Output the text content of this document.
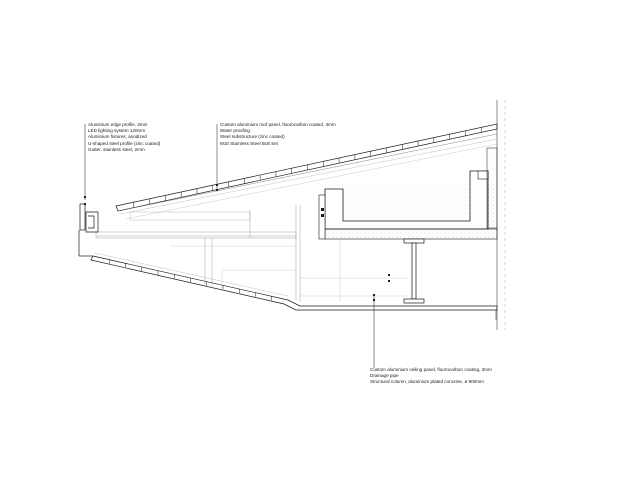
Aluminium edge profile, 3mm
LED lighting system 120mm
Aluminium fixtures, anodized
U-shaped steel profile (zinc coated)
Gutter, stainless steel, 2mm
Custom aluminium roof panel, fluorocarbon coated, 3mm
Water proofing
Steel substructure (zinc coated)
M10 Stainless Steel Bolt Set
Custom aluminium ceiling panel, fluorocarbon coating, 3mm
Drainage pipe
Structural column, aluminium plated concrete, ø 900mm
